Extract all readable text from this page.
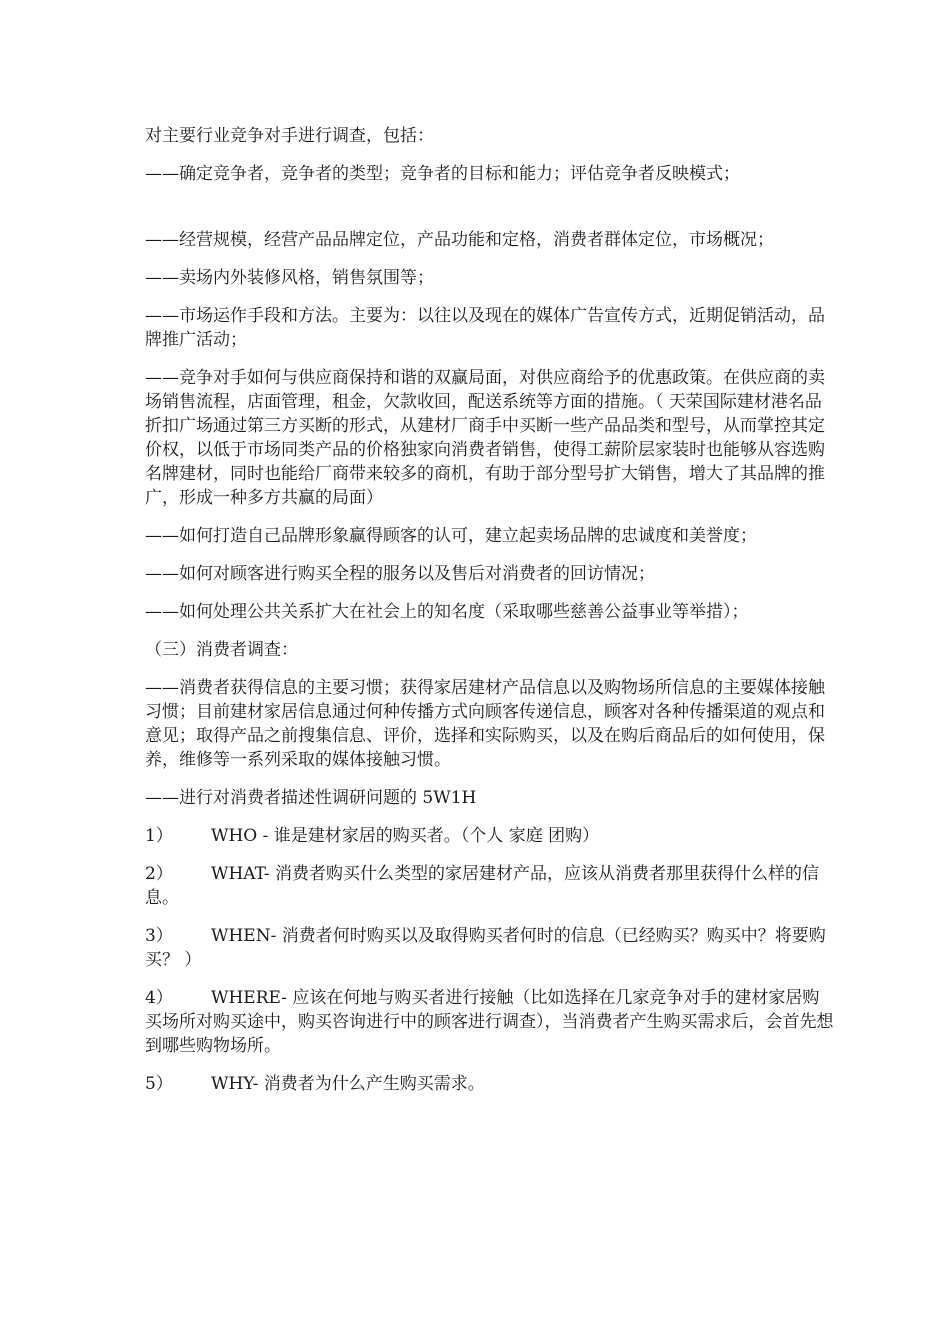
对主要行业竞争对手进行调查，包括：

——确定竞争者，竞争者的类型；竞争者的目标和能力；评估竞争者反映模式；

——经营规模，经营产品品牌定位，产品功能和定格，消费者群体定位，市场概况；

——卖场内外装修风格，销售氛围等；

——市场运作手段和方法。主要为：以往以及现在的媒体广告宣传方式，近期促销活动，品牌推广活动；

——竞争对手如何与供应商保持和谐的双赢局面，对供应商给予的优惠政策。在供应商的卖场销售流程，店面管理，租金，欠款收回，配送系统等方面的措施。（ 天荣国际建材港名品折扣广场通过第三方买断的形式，从建材厂商手中买断一些产品品类和型号，从而掌控其定价权，以低于市场同类产品的价格独家向消费者销售，使得工薪阶层家装时也能够从容选购名牌建材，同时也能给厂商带来较多的商机，有助于部分型号扩大销售，增大了其品牌的推广，形成一种多方共赢的局面）

——如何打造自己品牌形象赢得顾客的认可，建立起卖场品牌的忠诚度和美誉度；

——如何对顾客进行购买全程的服务以及售后对消费者的回访情况；

——如何处理公共关系扩大在社会上的知名度（采取哪些慈善公益事业等举措）；

（三）消费者调查：

——消费者获得信息的主要习惯；获得家居建材产品信息以及购物场所信息的主要媒体接触习惯；目前建材家居信息通过何种传播方式向顾客传递信息，顾客对各种传播渠道的观点和意见；取得产品之前搜集信息、评价，选择和实际购买，以及在购后商品后的如何使用，保养，维修等一系列采取的媒体接触习惯。

——进行对消费者描述性调研问题的 5W1H

1） WHO - 谁是建材家居的购买者。（个人 家庭 团购）

2） WHAT- 消费者购买什么类型的家居建材产品，应该从消费者那里获得什么样的信息。

3） WHEN- 消费者何时购买以及取得购买者何时的信息（已经购买？购买中？将要购买？ ）

4） WHERE- 应该在何地与购买者进行接触（比如选择在几家竞争对手的建材家居购买场所对购买途中，购买咨询进行中的顾客进行调查），当消费者产生购买需求后，会首先想到哪些购物场所。

5） WHY- 消费者为什么产生购买需求。
